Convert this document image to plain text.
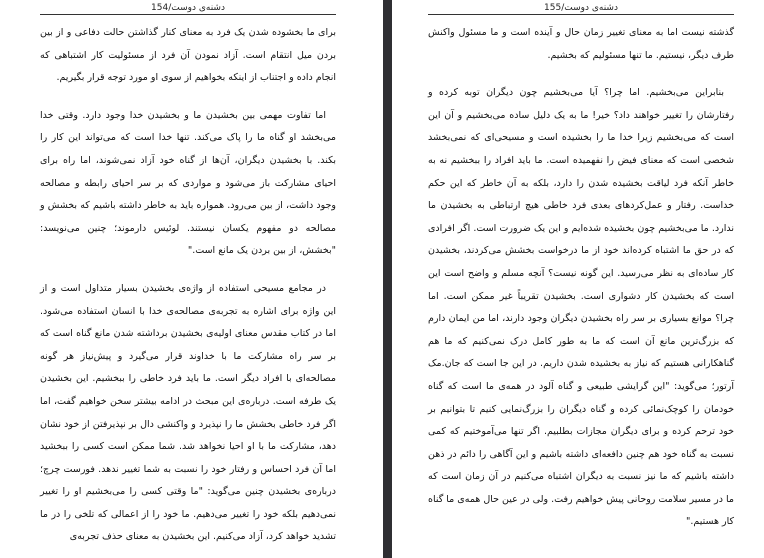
دشنه‌ی دوست/154

برای ما بخشوده شدن یک فرد به معنای کنار گذاشتن حالت دفاعی و از بین بردن میل انتقام است. آزاد نمودن آن فرد از مسئولیت کار اشتباهی که انجام داده و اجتناب از اینکه بخواهیم از سوی او مورد توجه قرار بگیریم.

اما تفاوت مهمی بین بخشیدن ما و بخشیدن خدا وجود دارد. وقتی خدا می‌بخشد او گناه ما را پاک می‌کند. تنها خدا است که می‌تواند این کار را بکند. با بخشیدن دیگران، آن‌ها از گناه خود آزاد نمی‌شوند، اما راه برای احیای مشارکت باز می‌شود و مواردی که بر سر احیای رابطه و مصالحه وجود داشت، از بین می‌رود. همواره باید به خاطر داشته باشیم که بخشش و مصالحه دو مفهوم یکسان نیستند. لوئیس دارموند؛ چنین می‌نویسد: "بخشش، از بین بردن یک مانع است."

در مجامع مسیحی استفاده از واژه‌ی بخشیدن بسیار متداول است و از این واژه برای اشاره به تجربه‌ی مصالحه‌ی خدا با انسان استفاده می‌شود. اما در کتاب مقدس معنای اولیه‌ی بخشیدن برداشته شدن مانع گناه است که بر سر راه مشارکت ما با خداوند قرار می‌گیرد و پیش‌نیاز هر گونه مصالحه‌ای با افراد دیگر است. ما باید فرد خاطی را ببخشیم. این بخشیدن یک طرفه است. درباره‌ی این مبحث در ادامه بیشتر سخن خواهیم گفت، اما اگر فرد خاطی بخشش ما را نپذیرد و واکنشی دال بر نپذیرفتن از خود نشان دهد، مشارکت ما با او احیا نخواهد شد. شما ممکن است کسی را ببخشید اما آن فرد احساس و رفتار خود را نسبت به شما تغییر ندهد. فورست چرچ؛ درباره‌ی بخشیدن چنین می‌گوید: "ما وقتی کسی را می‌بخشیم او را تغییر نمی‌دهیم بلکه خود را تغییر می‌دهیم. ما خود را از اعمالی که تلخی را در ما تشدید خواهد کرد، آزاد می‌کنیم. این بخشیدن به معنای حذف تجربه‌ی

دشنه‌ی دوست/155

گذشته نیست اما به معنای تغییر زمان حال و آینده است و ما مسئول واکنش طرف دیگر، نیستیم. ما تنها مسئولیم که بخشیم.

بنابراین می‌بخشیم. اما چرا؟ آیا می‌بخشیم چون دیگران توبه کرده و رفتارشان را تغییر خواهند داد؟ خیر! ما به یک دلیل ساده می‌بخشیم و آن این است که می‌بخشیم زیرا خدا ما را بخشیده است و مسیحی‌ای که نمی‌بخشد شخصی است که معنای فیض را نفهمیده است. ما باید افراد را ببخشیم نه به خاطر آنکه فرد لیاقت بخشیده شدن را دارد، بلکه به آن خاطر که این حکم خداست. رفتار و عمل‌کردهای بعدی فرد خاطی هیچ ارتباطی به بخشیدن ما ندارد. ما می‌بخشیم چون بخشیده شده‌ایم و این یک ضرورت است. اگر افرادی که در حق ما اشتباه کرده‌اند خود از ما درخواست بخشش می‌کردند، بخشیدن کار ساده‌ای به نظر می‌رسید. این گونه نیست؟ آنچه مسلم و واضح است این است که بخشیدن کار دشواری است. بخشیدن تقریباً غیر ممکن است. اما چرا؟ موانع بسیاری بر سر راه بخشیدن دیگران وجود دارند، اما من ایمان دارم که بزرگ‌ترین مانع آن است که ما به طور کامل درک نمی‌کنیم که ما هم گناهکارانی هستیم که نیاز به بخشیده شدن داریم. در این جا است که جان.مک آرتور؛ می‌گوید: "این گرایشی طبیعی و گناه آلود در همه‌ی ما است که گناه خودمان را کوچک‌نمائی کرده و گناه دیگران را بزرگ‌نمایی کنیم تا بتوانیم بر خود ترحم کرده و برای دیگران مجازات بطلبیم. اگر تنها می‌آموختیم که کمی نسبت به گناه خود هم چنین دافعه‌ای داشته باشیم و این آگاهی را دائم در ذهن داشته باشیم که ما نیز نسبت به دیگران اشتباه می‌کنیم در آن زمان است که ما در مسیر سلامت روحانی پیش خواهیم رفت. ولی در عین حال همه‌ی ما گناه کار هستیم."
